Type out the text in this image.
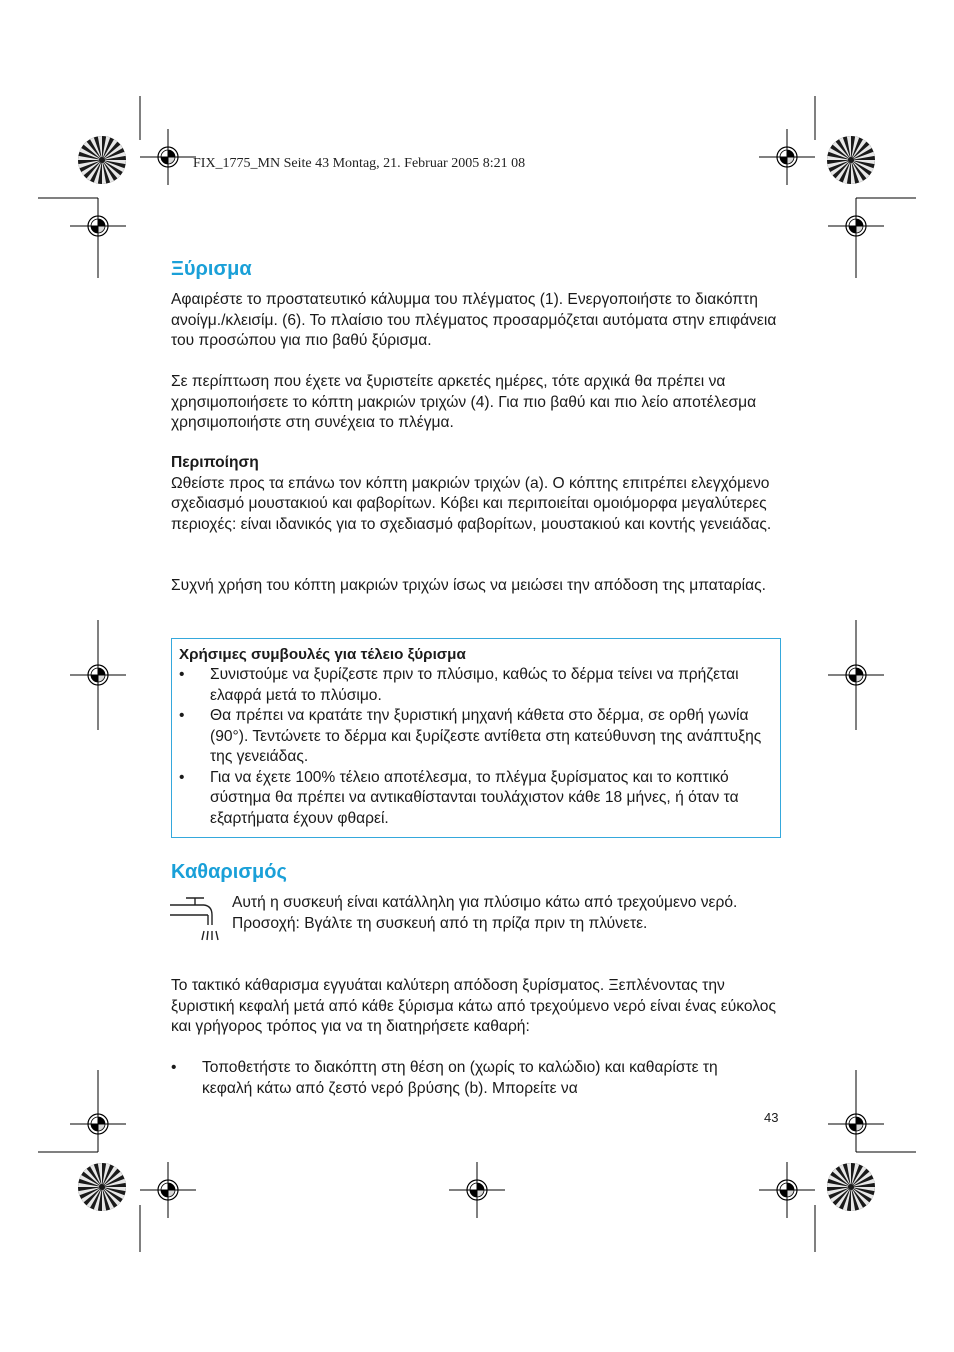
FIX_1775_MN Seite 43 Montag, 21. Februar 2005 8:21 08
Ξύρισμα

Αφαιρέστε το προστατευτικό κάλυμμα του πλέγματος (1). Ενεργοποιήστε το διακόπτη ανοίγμ./κλεισίμ. (6). Το πλαίσιο του πλέγματος προσαρμόζεται αυτόματα στην επιφάνεια του προσώπου για πιο βαθύ ξύρισμα.

Σε περίπτωση που έχετε να ξυριστείτε αρκετές ημέρες, τότε αρχικά θα πρέπει να χρησιμοποιήσετε το κόπτη μακριών τριχών (4). Για πιο βαθύ και πιο λείο αποτέλεσμα χρησιμοποιήστε στη συνέχεια το πλέγμα.

Περιποίηση
Ωθείστε προς τα επάνω τον κόπτη μακριών τριχών (a). Ο κόπτης επιτρέπει ελεγχόμενο σχεδιασμό μουστακιού και φαβορίτων. Κόβει και περιποιείται ομοιόμορφα μεγαλύτερες περιοχές: είναι ιδανικός για το σχεδιασμό φαβορίτων, μουστακιού και κοντής γενειάδας.

Συχνή χρήση του κόπτη μακριών τριχών ίσως να μειώσει την απόδοση της μπαταρίας.

Χρήσιμες συμβουλές για τέλειο ξύρισμα
• Συνιστούμε να ξυρίζεστε πριν το πλύσιμο, καθώς το δέρμα τείνει να πρήζεται ελαφρά μετά το πλύσιμο.
• Θα πρέπει να κρατάτε την ξυριστική μηχανή κάθετα στο δέρμα, σε ορθή γωνία (90°). Τεντώνετε το δέρμα και ξυρίζεστε αντίθετα στη κατεύθυνση της ανάπτυξης της γενειάδας.
• Για να έχετε 100% τέλειο αποτέλεσμα, το πλέγμα ξυρίσματος και το κοπτικό σύστημα θα πρέπει να αντικαθίστανται τουλάχιστον κάθε 18 μήνες, ή όταν τα εξαρτήματα έχουν φθαρεί.
Καθαρισμός

Αυτή η συσκευή είναι κατάλληλη για πλύσιμο κάτω από τρεχούμενο νερό.
Προσοχή: Βγάλτε τη συσκευή από τη πρίζα πριν τη πλύνετε.

Το τακτικό κάθαρισμα εγγυάται καλύτερη απόδοση ξυρίσματος. Ξεπλένοντας την ξυριστική κεφαλή μετά από κάθε ξύρισμα κάτω από τρεχούμενο νερό είναι ένας εύκολος και γρήγορος τρόπος για να τη διατηρήσετε καθαρή:

• Τοποθετήστε το διακόπτη στη θέση on (χωρίς το καλώδιο) και καθαρίστε τη κεφαλή κάτω από ζεστό νερό βρύσης (b). Μπορείτε να
43
